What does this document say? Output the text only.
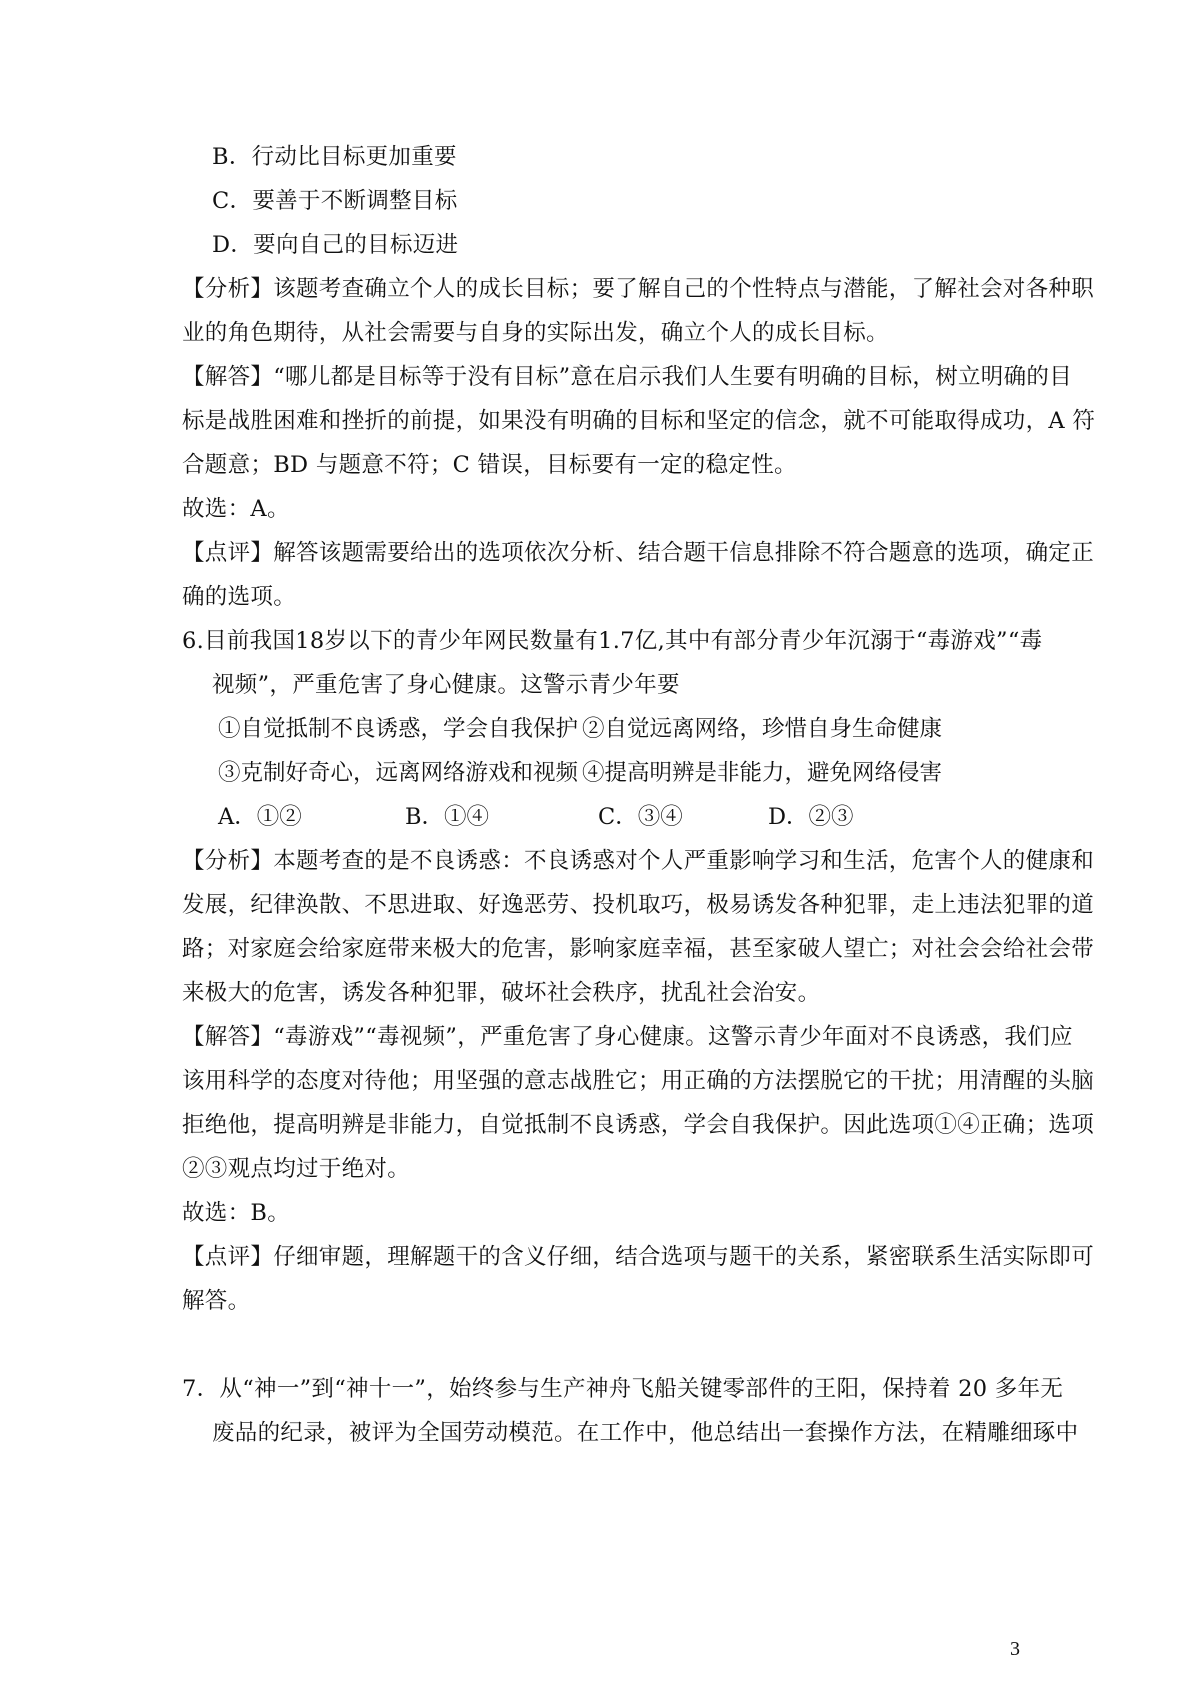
B．行动比目标更加重要
C．要善于不断调整目标
D．要向自己的目标迈进
【分析】该题考查确立个人的成长目标；要了解自己的个性特点与潜能，了解社会对各种职
业的角色期待，从社会需要与自身的实际出发，确立个人的成长目标。
【解答】“哪儿都是目标等于没有目标”意在启示我们人生要有明确的目标，树立明确的目
标是战胜困难和挫折的前提，如果没有明确的目标和坚定的信念，就不可能取得成功，A 符
合题意；BD 与题意不符；C 错误，目标要有一定的稳定性。
故选：A。
【点评】解答该题需要给出的选项依次分析、结合题干信息排除不符合题意的选项，确定正
确的选项。
6.目前我国18岁以下的青少年网民数量有1.7亿,其中有部分青少年沉溺于“毒游戏”“毒
视频”，严重危害了身心健康。这警示青少年要
①自觉抵制不良诱惑，学会自我保护 ②自觉远离网络，珍惜自身生命健康
③克制好奇心，远离网络游戏和视频 ④提高明辨是非能力，避免网络侵害
A．①②	B．①④	C．③④	D．②③
【分析】本题考查的是不良诱惑：不良诱惑对个人严重影响学习和生活，危害个人的健康和
发展，纪律涣散、不思进取、好逸恶劳、投机取巧，极易诱发各种犯罪，走上违法犯罪的道
路；对家庭会给家庭带来极大的危害，影响家庭幸福，甚至家破人望亡；对社会会给社会带
来极大的危害，诱发各种犯罪，破坏社会秩序，扰乱社会治安。
【解答】“毒游戏”“毒视频”，严重危害了身心健康。这警示青少年面对不良诱惑，我们应
该用科学的态度对待他；用坚强的意志战胜它；用正确的方法摆脱它的干扰；用清醒的头脑
拒绝他，提高明辨是非能力，自觉抵制不良诱惑，学会自我保护。因此选项①④正确；选项
②③观点均过于绝对。
故选：B。
【点评】仔细审题，理解题干的含义仔细，结合选项与题干的关系，紧密联系生活实际即可
解答。
7．从“神一”到“神十一”，始终参与生产神舟飞船关键零部件的王阳，保持着 20 多年无
废品的纪录，被评为全国劳动模范。在工作中，他总结出一套操作方法，在精雕细琢中
3
